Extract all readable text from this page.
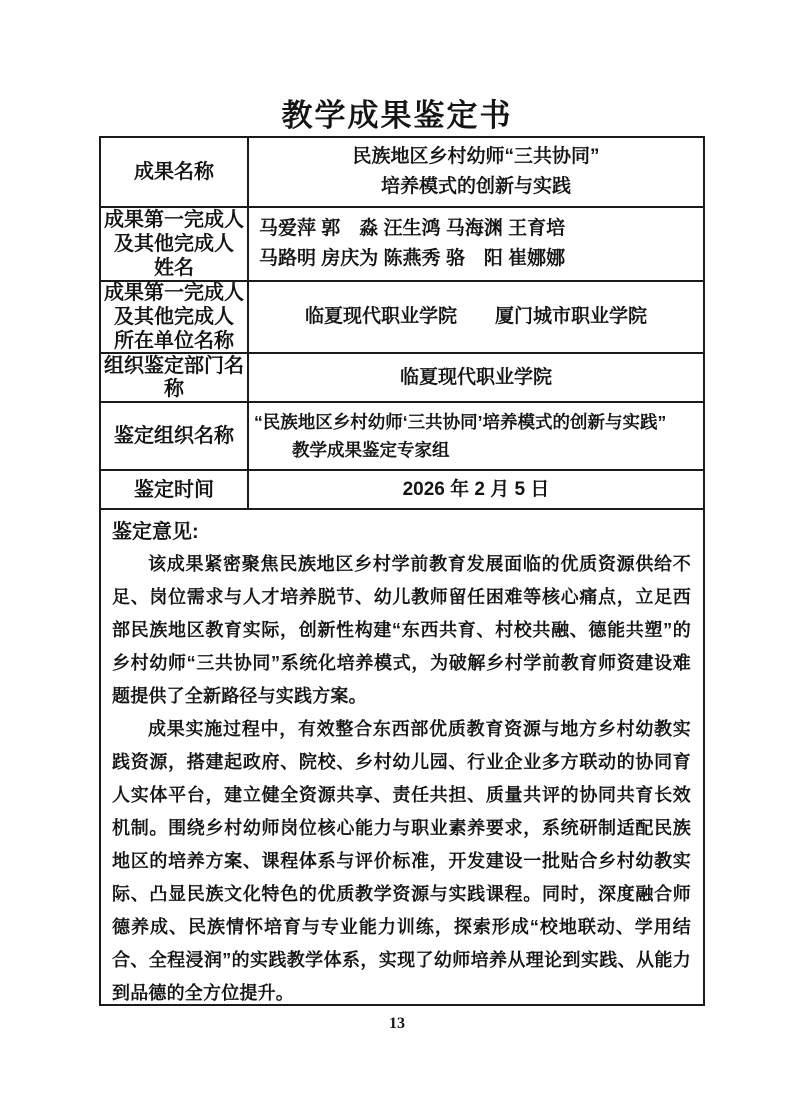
教学成果鉴定书
成果名称
民族地区乡村幼师“三共协同”
培养模式的创新与实践
成果第一完成人
及其他完成人
姓名
马爱萍 郭　淼 汪生鸿 马海渊 王育培
马路明 房庆为 陈燕秀 骆　阳 崔娜娜
成果第一完成人
及其他完成人
所在单位名称
临夏现代职业学院　　厦门城市职业学院
组织鉴定部门名
称
临夏现代职业学院
鉴定组织名称
“民族地区乡村幼师‘三共协同’培养模式的创新与实践”
教学成果鉴定专家组
鉴定时间	2026 年 2 月 5 日
鉴定意见:

该成果紧密聚焦民族地区乡村学前教育发展面临的优质资源供给不足、岗位需求与人才培养脱节、幼儿教师留任困难等核心痛点，立足西部民族地区教育实际，创新性构建“东西共育、村校共融、德能共塑”的乡村幼师“三共协同”系统化培养模式，为破解乡村学前教育师资建设难题提供了全新路径与实践方案。

成果实施过程中，有效整合东西部优质教育资源与地方乡村幼教实践资源，搭建起政府、院校、乡村幼儿园、行业企业多方联动的协同育人实体平台，建立健全资源共享、责任共担、质量共评的协同共育长效机制。围绕乡村幼师岗位核心能力与职业素养要求，系统研制适配民族地区的培养方案、课程体系与评价标准，开发建设一批贴合乡村幼教实际、凸显民族文化特色的优质教学资源与实践课程。同时，深度融合师德养成、民族情怀培育与专业能力训练，探索形成“校地联动、学用结合、全程浸润”的实践教学体系，实现了幼师培养从理论到实践、从能力到品德的全方位提升。

13
